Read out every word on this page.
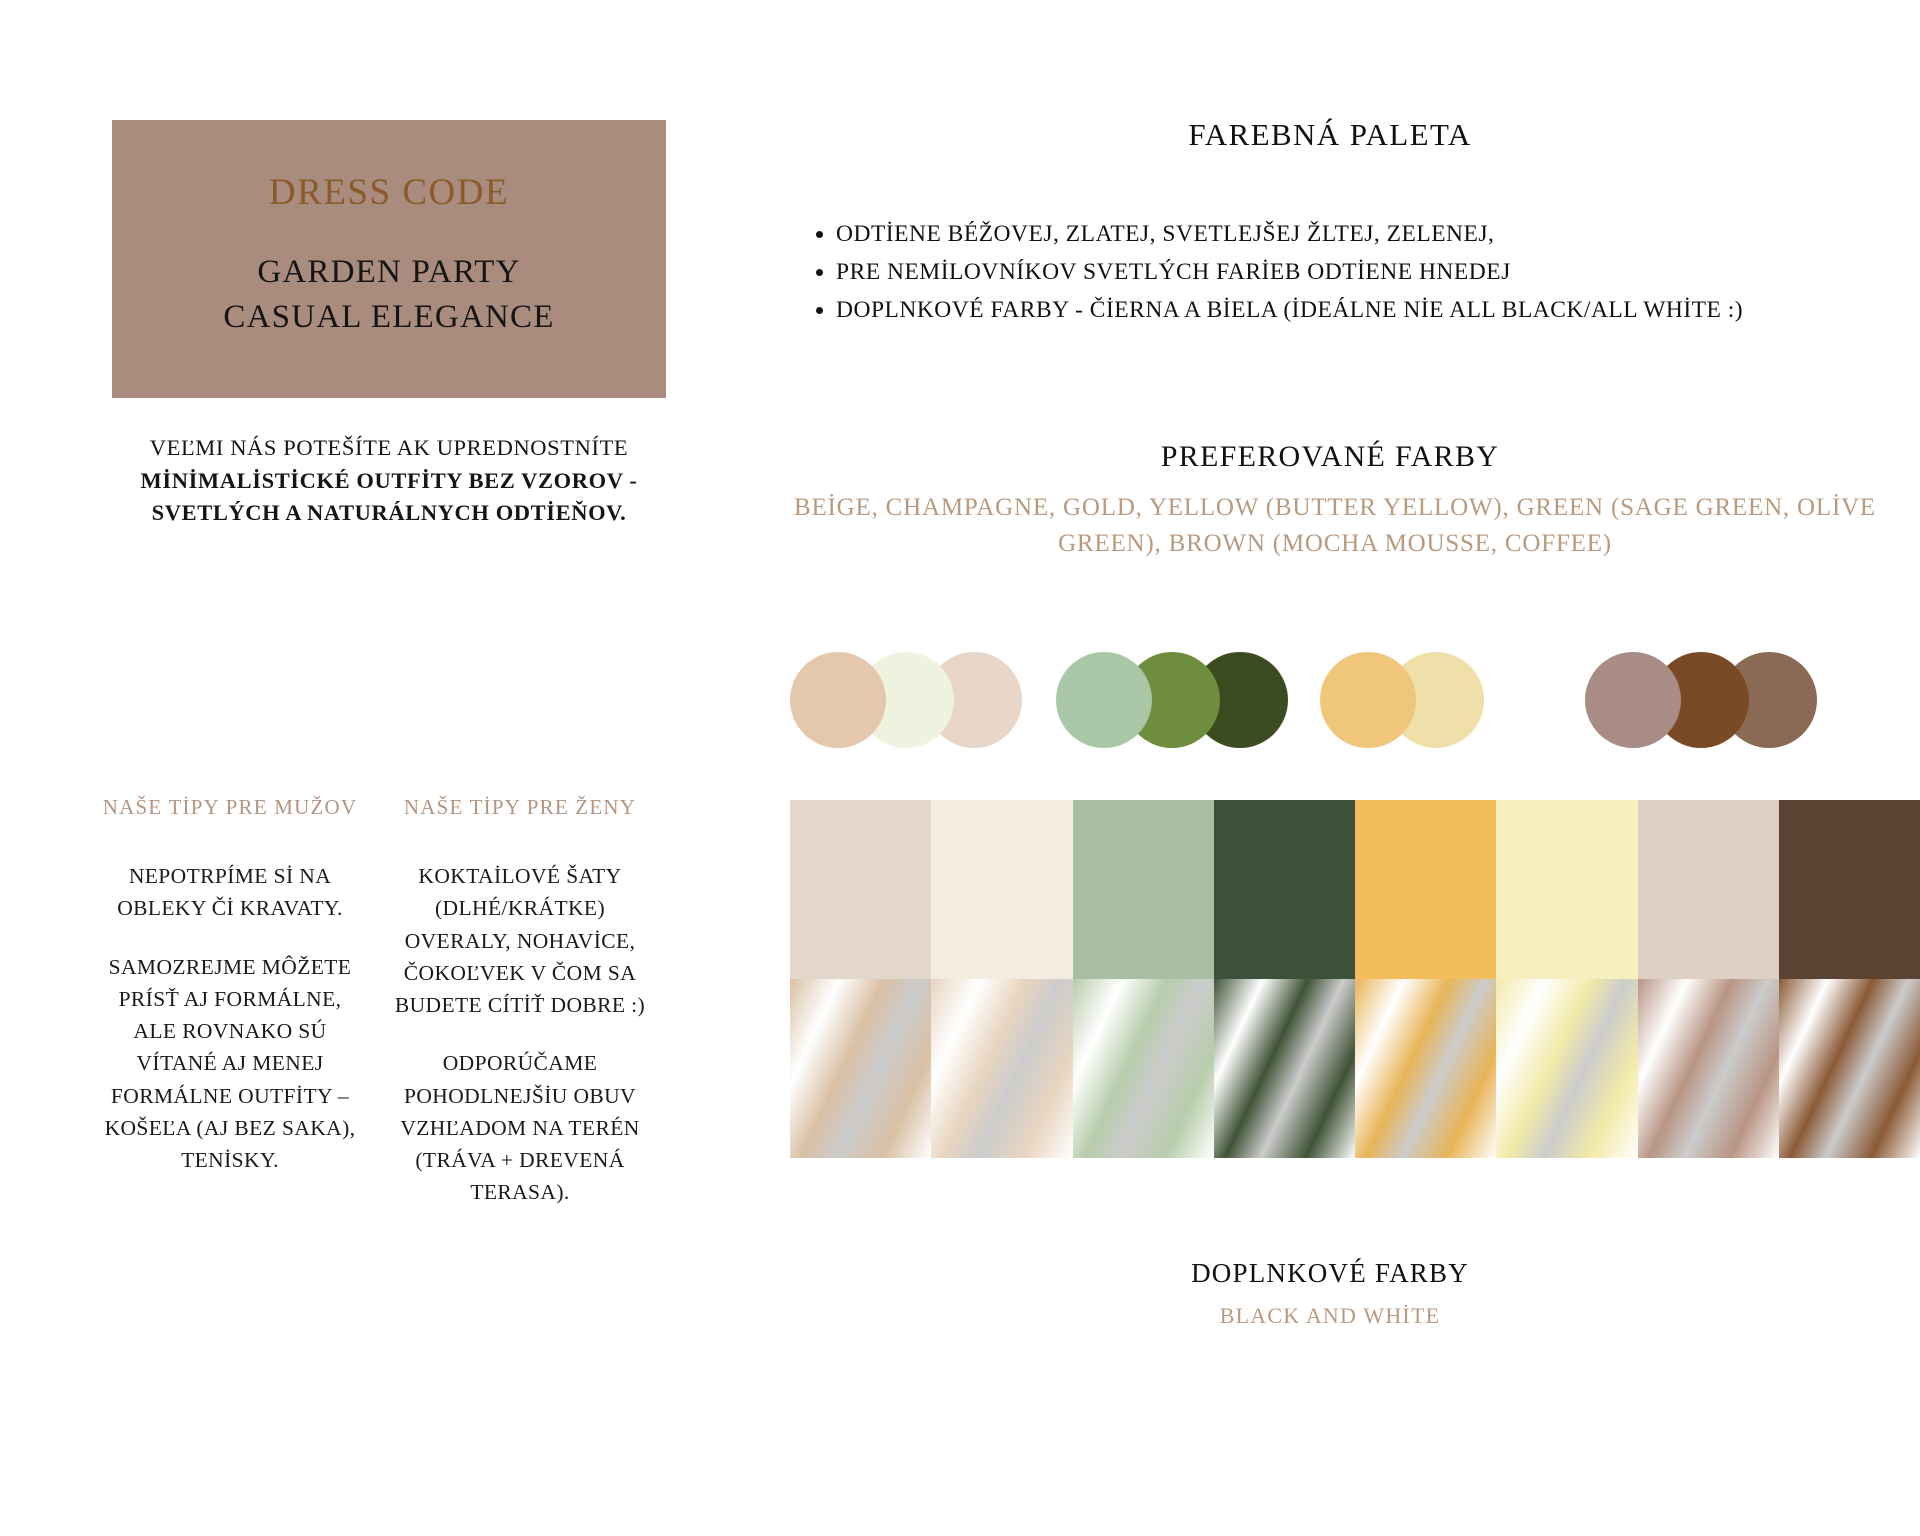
DRESS CODE
GARDEN PARTY
CASUAL ELEGANCE
VEĽMI NÁS POTEŠÍTE AK UPREDNOSTNÍTE MİNİMALİSTİCKÉ OUTFİTY BEZ VZOROV - SVETLÝCH A NATURÁLNYCH ODTİEŇOV.
NAŠE TİPY PRE MUŽOV

NEPOTRPÍME Sİ NA OBLEKY Čİ KRAVATY.

SAMOZREJME MÔŽETE PRÍSŤ AJ FORMÁLNE, ALE ROVNAKO SÚ VÍTANÉ AJ MENEJ FORMÁLNE OUTFİTY – KOŠEĽA (AJ BEZ SAKA), TENİSKY.

NAŠE TİPY PRE ŽENY

KOKTAİLOVÉ ŠATY (DLHÉ/KRÁTKE) OVERALY, NOHAVİCE, ČOKOĽVEK V ČOM SA BUDETE CÍTİŤ DOBRE :)

ODPORÚČAME POHODLNEJŠİU OBUV VZHĽADOM NA TERÉN (TRÁVA + DREVENÁ TERASA).

FAREBNÁ PALETA
• ODTİENE BÉŽOVEJ, ZLATEJ, SVETLEJŠEJ ŽLTEJ, ZELENEJ,
• PRE NEMİLOVNÍKOV SVETLÝCH FARİEB ODTİENE HNEDEJ
• DOPLNKOVÉ FARBY - ČİERNA A BİELA (İDEÁLNE NİE ALL BLACK/ALL WHİTE :)
PREFEROVANÉ FARBY
BEİGE, CHAMPAGNE, GOLD, YELLOW (BUTTER YELLOW), GREEN (SAGE GREEN, OLİVE GREEN), BROWN (MOCHA MOUSSE, COFFEE)
DOPLNKOVÉ FARBY
BLACK AND WHİTE
